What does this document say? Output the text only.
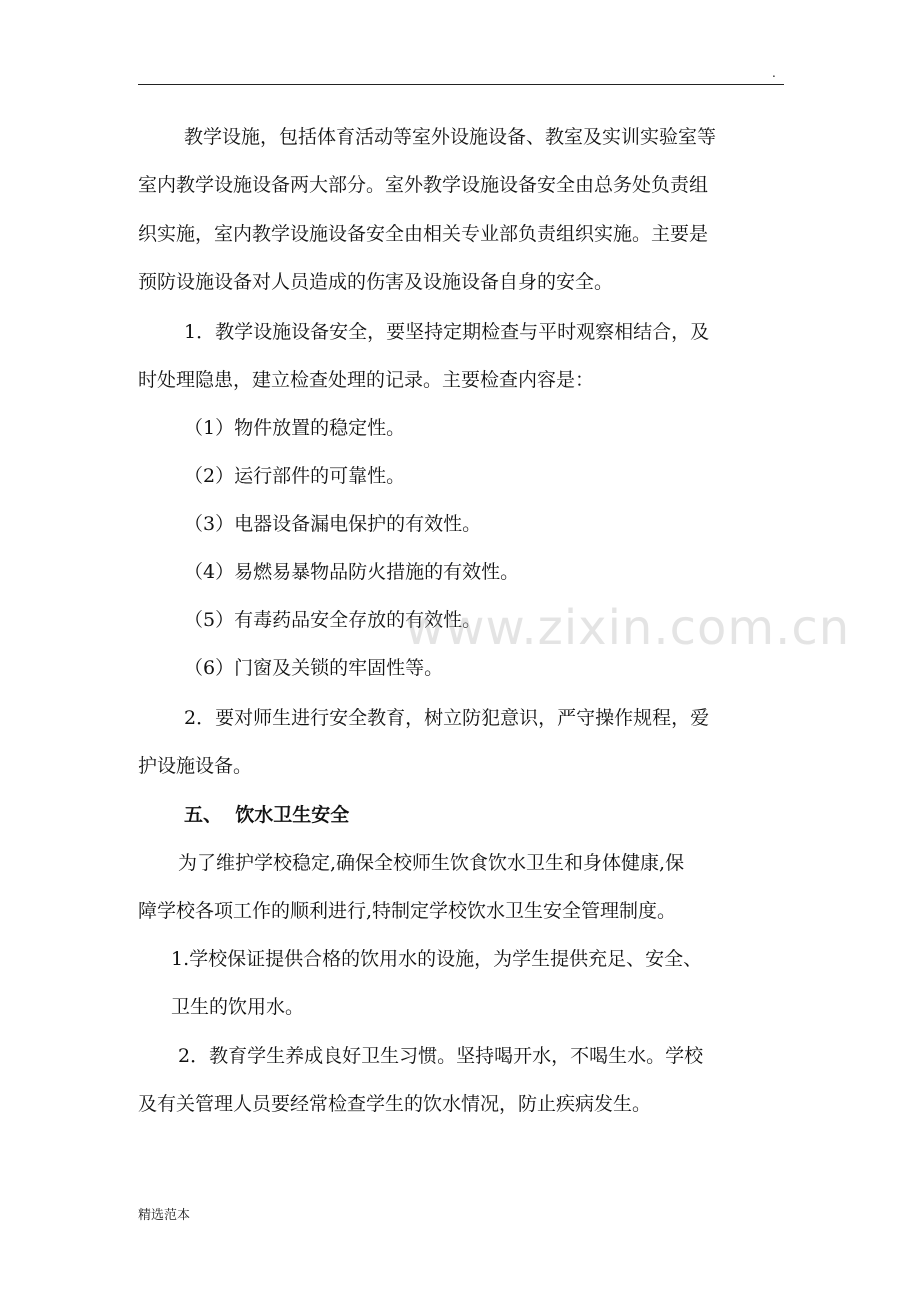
.

教学设施，包括体育活动等室外设施设备、教室及实训实验室等

室内教学设施设备两大部分。室外教学设施设备安全由总务处负责组

织实施，室内教学设施设备安全由相关专业部负责组织实施。主要是

预防设施设备对人员造成的伤害及设施设备自身的安全。

1．教学设施设备安全，要坚持定期检查与平时观察相结合，及

时处理隐患，建立检查处理的记录。主要检查内容是：

（1）物件放置的稳定性。

（2）运行部件的可靠性。

（3）电器设备漏电保护的有效性。

（4）易燃易暴物品防火措施的有效性。

（5）有毒药品安全存放的有效性。

（6）门窗及关锁的牢固性等。

2．要对师生进行安全教育，树立防犯意识，严守操作规程，爱

护设施设备。

五、  饮水卫生安全

为了维护学校稳定,确保全校师生饮食饮水卫生和身体健康,保

障学校各项工作的顺利进行,特制定学校饮水卫生安全管理制度。

1.学校保证提供合格的饮用水的设施，为学生提供充足、安全、

卫生的饮用水。

2．教育学生养成良好卫生习惯。坚持喝开水，不喝生水。学校

及有关管理人员要经常检查学生的饮水情况，防止疾病发生。

www.zixin.com.cn
精选范本
